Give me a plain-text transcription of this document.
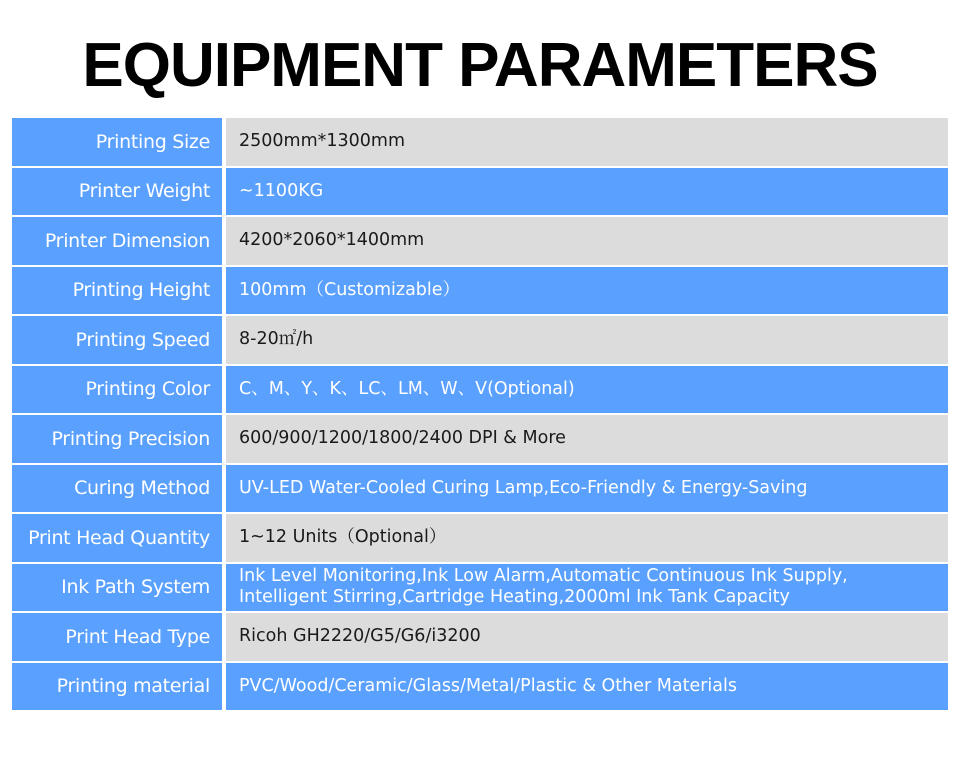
EQUIPMENT PARAMETERS
Printing Size	2500mm*1300mm
Printer Weight	~1100KG
Printer Dimension	4200*2060*1400mm
Printing Height	100mm（Customizable）
Printing Speed	8-20㎡/h
Printing Color	C、M、Y、K、LC、LM、W、V(Optional)
Printing Precision	600/900/1200/1800/2400 DPI & More
Curing Method	UV-LED Water-Cooled Curing Lamp,Eco-Friendly & Energy-Saving
Print Head Quantity	1~12 Units（Optional）
Ink Path System	Ink Level Monitoring,Ink Low Alarm,Automatic Continuous Ink Supply,
Intelligent Stirring,Cartridge Heating,2000ml Ink Tank Capacity
Print Head Type	Ricoh GH2220/G5/G6/i3200
Printing material	PVC/Wood/Ceramic/Glass/Metal/Plastic & Other Materials
